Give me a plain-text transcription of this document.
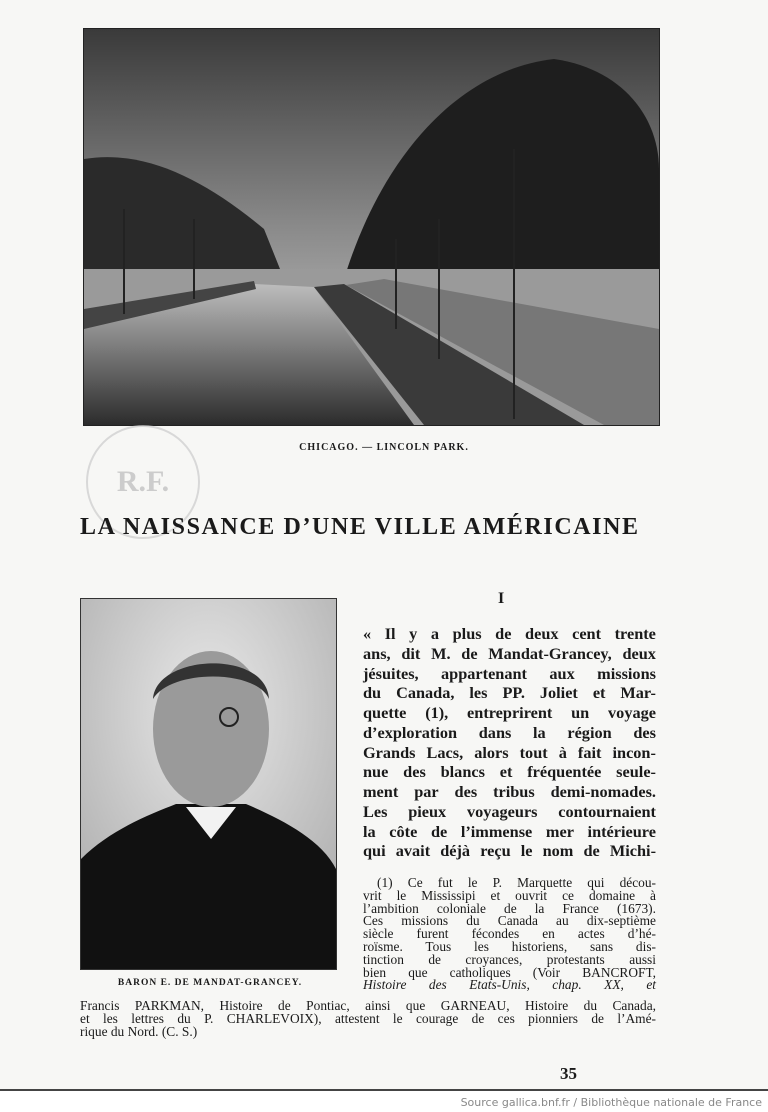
CHICAGO. — LINCOLN PARK.
R.F.
LA NAISSANCE D’UNE VILLE AMÉRICAINE
I
BARON E. DE MANDAT-GRANCEY.
« Il y a plus de deux cent trente
ans, dit M. de Mandat-Grancey, deux
jésuites, appartenant aux missions
du Canada, les PP. Joliet et Mar-
quette (1), entreprirent un voyage
d’exploration dans la région des
Grands Lacs, alors tout à fait incon-
nue des blancs et fréquentée seule-
ment par des tribus demi-nomades.
Les pieux voyageurs contournaient
la côte de l’immense mer intérieure
qui avait déjà reçu le nom de Michi-
(1) Ce fut le P. Marquette qui décou-
vrit le Mississipi et ouvrit ce domaine à
l’ambition coloniale de la France (1673).
Ces missions du Canada au dix-septième
siècle furent fécondes en actes d’hé-
roïsme. Tous les historiens, sans dis-
tinction de croyances, protestants aussi
bien que catholiques (Voir BANCROFT,
Histoire des Etats-Unis, chap. XX, et
Francis PARKMAN, Histoire de Pontiac, ainsi que GARNEAU, Histoire du Canada,
et les lettres du P. CHARLEVOIX), attestent le courage de ces pionniers de l’Amé-
rique du Nord. (C. S.)
35
Source gallica.bnf.fr / Bibliothèque nationale de France
